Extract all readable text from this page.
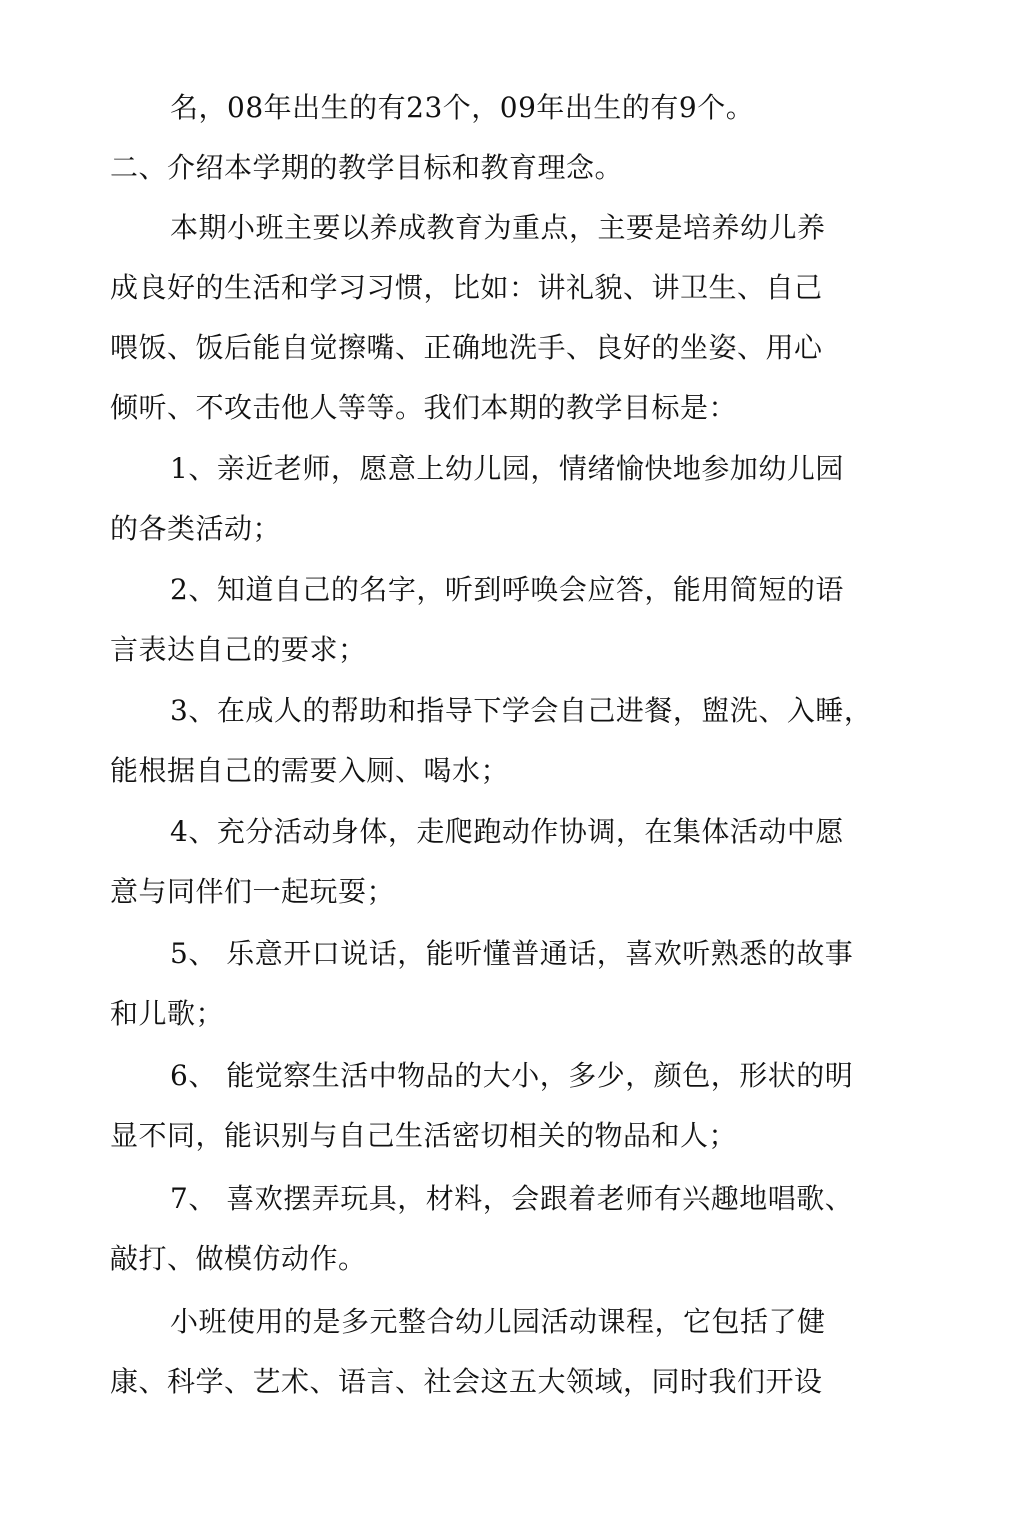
名，08年出生的有23个，09年出生的有9个。
二、介绍本学期的教学目标和教育理念。
本期小班主要以养成教育为重点，主要是培养幼儿养
成良好的生活和学习习惯，比如：讲礼貌、讲卫生、自己
喂饭、饭后能自觉擦嘴、正确地洗手、良好的坐姿、用心
倾听、不攻击他人等等。我们本期的教学目标是：
1、亲近老师，愿意上幼儿园，情绪愉快地参加幼儿园
的各类活动；
2、知道自己的名字，听到呼唤会应答，能用简短的语
言表达自己的要求；
3、在成人的帮助和指导下学会自己进餐，盥洗、入睡，
能根据自己的需要入厕、喝水；
4、充分活动身体，走爬跑动作协调，在集体活动中愿
意与同伴们一起玩耍；
5、 乐意开口说话，能听懂普通话，喜欢听熟悉的故事
和儿歌；
6、 能觉察生活中物品的大小，多少，颜色，形状的明
显不同，能识别与自己生活密切相关的物品和人；
7、 喜欢摆弄玩具，材料，会跟着老师有兴趣地唱歌、
敲打、做模仿动作。
小班使用的是多元整合幼儿园活动课程，它包括了健
康、科学、艺术、语言、社会这五大领域，同时我们开设
